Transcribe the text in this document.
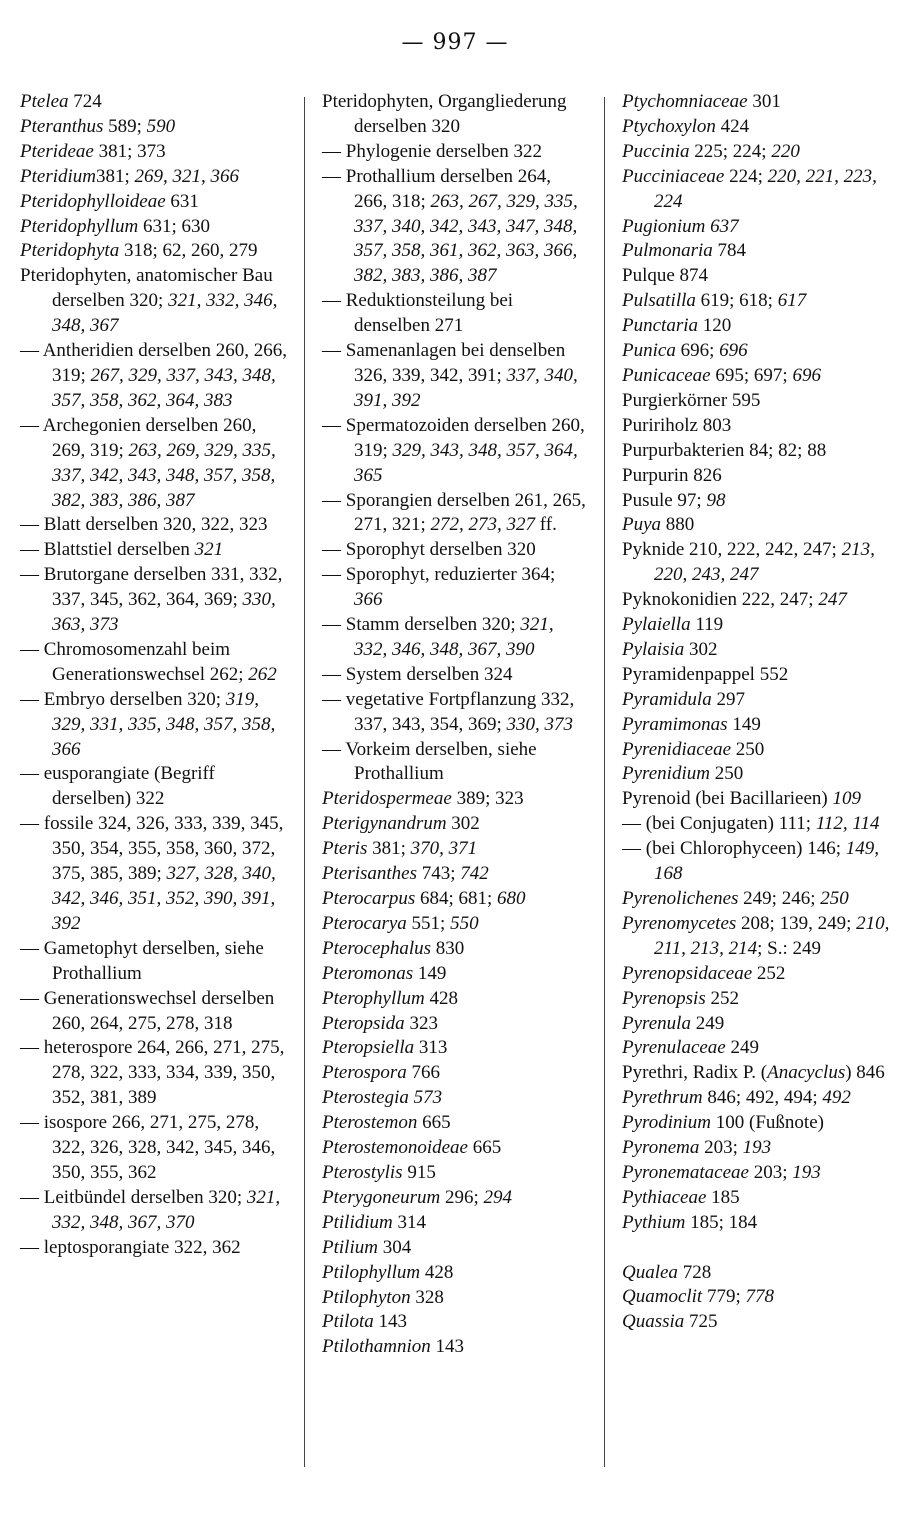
— 997 —
Ptelea 724
Pteranthus 589; 590
Pterideae 381; 373
Pteridium381; 269, 321, 366
Pteridophylloideae 631
Pteridophyllum 631; 630
Pteridophyta 318; 62, 260, 279
Pteridophyten, anatomischer Bau derselben 320; 321, 332, 346, 348, 367
— Antheridien derselben 260, 266, 319; 267, 329, 337, 343, 348, 357, 358, 362, 364, 383
— Archegonien derselben 260, 269, 319; 263, 269, 329, 335, 337, 342, 343, 348, 357, 358, 382, 383, 386, 387
— Blatt derselben 320, 322, 323
— Blattstiel derselben 321
— Brutorgane derselben 331, 332, 337, 345, 362, 364, 369; 330, 363, 373
— Chromosomenzahl beim Generationswechsel 262; 262
— Embryo derselben 320; 319, 329, 331, 335, 348, 357, 358, 366
— eusporangiate (Begriff derselben) 322
— fossile 324, 326, 333, 339, 345, 350, 354, 355, 358, 360, 372, 375, 385, 389; 327, 328, 340, 342, 346, 351, 352, 390, 391, 392
— Gametophyt derselben, siehe Prothallium
— Generationswechsel derselben 260, 264, 275, 278, 318
— heterospore 264, 266, 271, 275, 278, 322, 333, 334, 339, 350, 352, 381, 389
— isospore 266, 271, 275, 278, 322, 326, 328, 342, 345, 346, 350, 355, 362
— Leitbündel derselben 320; 321, 332, 348, 367, 370
— leptosporangiate 322, 362
Pteridophyten, Organgliederung derselben 320
— Phylogenie derselben 322
— Prothallium derselben 264, 266, 318; 263, 267, 329, 335, 337, 340, 342, 343, 347, 348, 357, 358, 361, 362, 363, 366, 382, 383, 386, 387
— Reduktionsteilung bei denselben 271
— Samenanlagen bei denselben 326, 339, 342, 391; 337, 340, 391, 392
— Spermatozoiden derselben 260, 319; 329, 343, 348, 357, 364, 365
— Sporangien derselben 261, 265, 271, 321; 272, 273, 327 ff.
— Sporophyt derselben 320
— Sporophyt, reduzierter 364; 366
— Stamm derselben 320; 321, 332, 346, 348, 367, 390
— System derselben 324
— vegetative Fortpflanzung 332, 337, 343, 354, 369; 330, 373
— Vorkeim derselben, siehe Prothallium
Pteridospermeae 389; 323
Pterigynandrum 302
Pteris 381; 370, 371
Pterisanthes 743; 742
Pterocarpus 684; 681; 680
Pterocarya 551; 550
Pterocephalus 830
Pteromonas 149
Pterophyllum 428
Pteropsida 323
Pteropsiella 313
Pterospora 766
Pterostegia 573
Pterostemon 665
Pterostemonoideae 665
Pterostylis 915
Pterygoneurum 296; 294
Ptilidium 314
Ptilium 304
Ptilophyllum 428
Ptilophyton 328
Ptilota 143
Ptilothamnion 143
Ptychomniaceae 301
Ptychoxylon 424
Puccinia 225; 224; 220
Pucciniaceae 224; 220, 221, 223, 224
Pugionium 637
Pulmonaria 784
Pulque 874
Pulsatilla 619; 618; 617
Punctaria 120
Punica 696; 696
Punicaceae 695; 697; 696
Purgierkörner 595
Puririholz 803
Purpurbakterien 84; 82; 88
Purpurin 826
Pusule 97; 98
Puya 880
Pyknide 210, 222, 242, 247; 213, 220, 243, 247
Pyknokonidien 222, 247; 247
Pylaiella 119
Pylaisia 302
Pyramidenpappel 552
Pyramidula 297
Pyramimonas 149
Pyrenidiaceae 250
Pyrenidium 250
Pyrenoid (bei Bacillarieen) 109
— (bei Conjugaten) 111; 112, 114
— (bei Chlorophyceen) 146; 149, 168
Pyrenolichenes 249; 246; 250
Pyrenomycetes 208; 139, 249; 210, 211, 213, 214; S.: 249
Pyrenopsidaceae 252
Pyrenopsis 252
Pyrenula 249
Pyrenulaceae 249
Pyrethri, Radix P. (Anacyclus) 846
Pyrethrum 846; 492, 494; 492
Pyrodinium 100 (Fußnote)
Pyronema 203; 193
Pyronemataceae 203; 193
Pythiaceae 185
Pythium 185; 184
Qualea 728
Quamoclit 779; 778
Quassia 725
